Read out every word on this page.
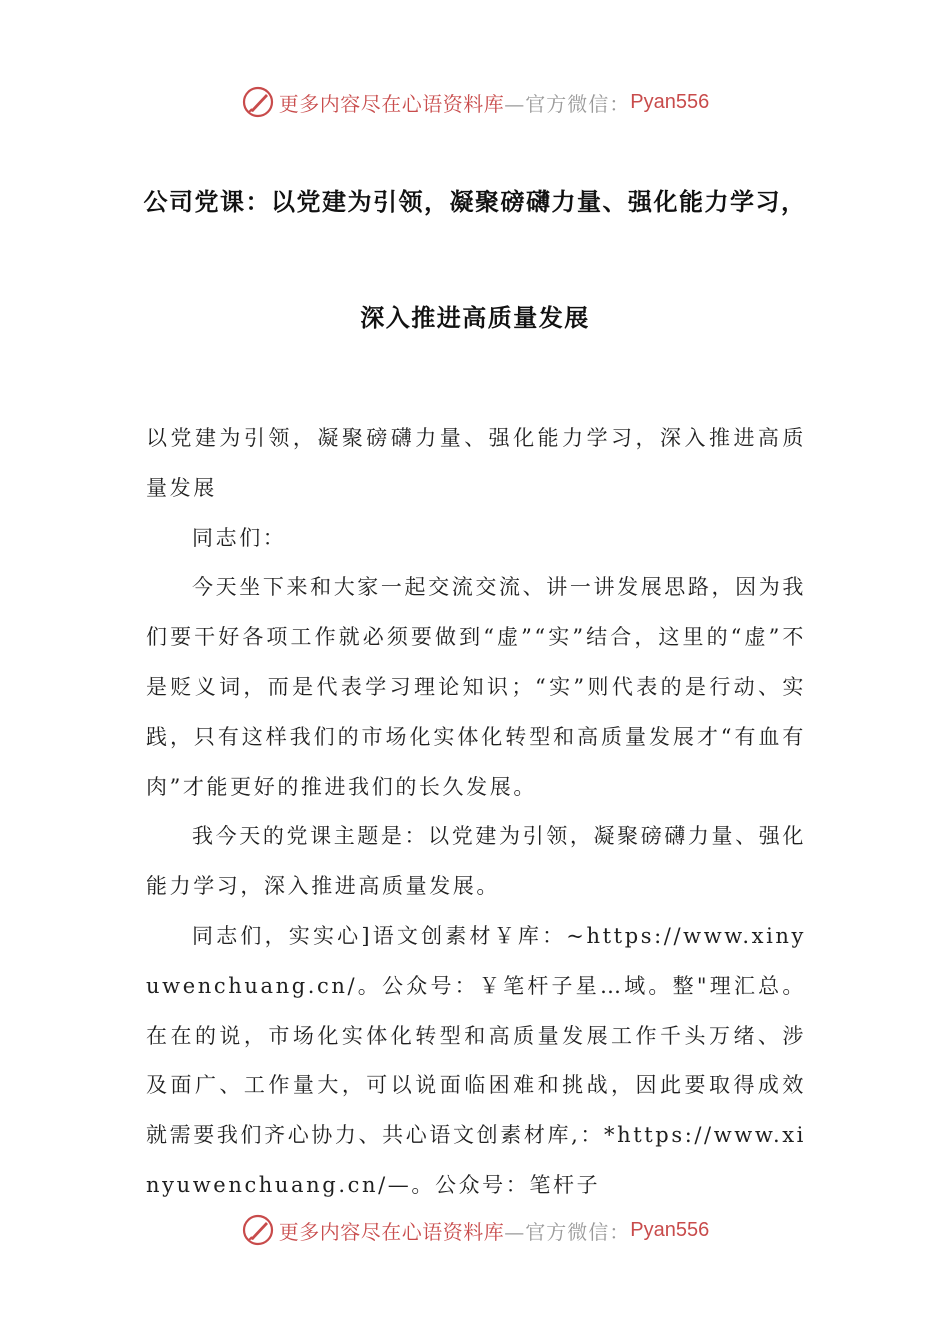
更多内容尽在心语资料库 —官方微信： Pyan556
公司党课：以党建为引领，凝聚磅礴力量、强化能力学习，
深入推进高质量发展

以党建为引领，凝聚磅礴力量、强化能力学习，深入推进高质量发展

同志们：

今天坐下来和大家一起交流交流、讲一讲发展思路，因为我们要干好各项工作就必须要做到“虚”“实”结合，这里的“虚”不是贬义词，而是代表学习理论知识；“实”则代表的是行动、实践，只有这样我们的市场化实体化转型和高质量发展才“有血有肉”才能更好的推进我们的长久发展。

我今天的党课主题是：以党建为引领，凝聚磅礴力量、强化能力学习，深入推进高质量发展。

同志们，实实心]语文创素材￥库：~https://www.xinyuwenchuang.cn/。公众号：￥笔杆子星…域。整"理汇总。在在的说，市场化实体化转型和高质量发展工作千头万绪、涉及面广、工作量大，可以说面临困难和挑战，因此要取得成效就需要我们齐心协力、共心语文创素材库,：*https://www.xinyuwenchuang.cn/—。公众号：笔杆子

更多内容尽在心语资料库 —官方微信： Pyan556
